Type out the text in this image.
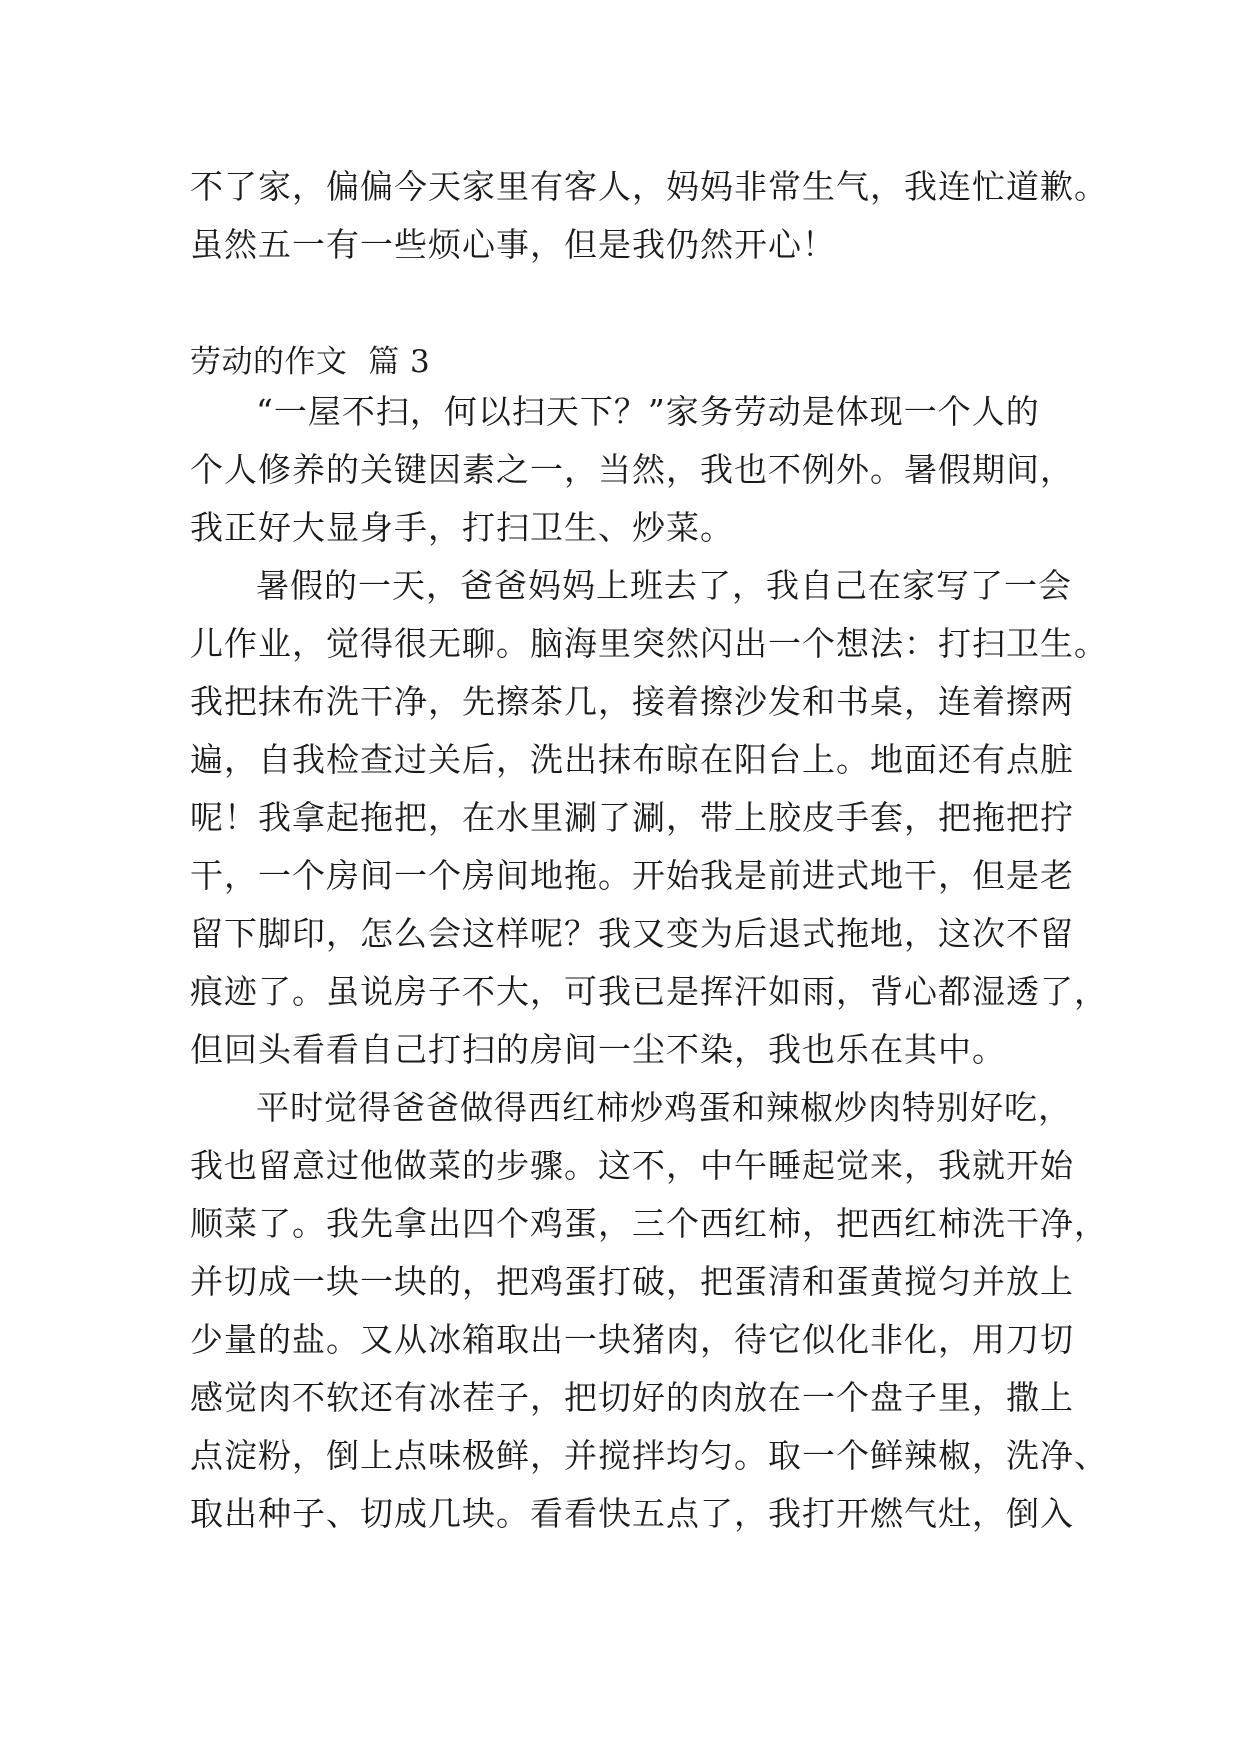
不了家，偏偏今天家里有客人，妈妈非常生气，我连忙道歉。
虽然五一有一些烦心事，但是我仍然开心！
劳动的作文  篇 3
“一屋不扫，何以扫天下？”家务劳动是体现一个人的
个人修养的关键因素之一，当然，我也不例外。暑假期间，
我正好大显身手，打扫卫生、炒菜。
暑假的一天，爸爸妈妈上班去了，我自己在家写了一会
儿作业，觉得很无聊。脑海里突然闪出一个想法：打扫卫生。
我把抹布洗干净，先擦茶几，接着擦沙发和书桌，连着擦两
遍，自我检查过关后，洗出抹布晾在阳台上。地面还有点脏
呢！我拿起拖把，在水里涮了涮，带上胶皮手套，把拖把拧
干，一个房间一个房间地拖。开始我是前进式地干，但是老
留下脚印，怎么会这样呢？我又变为后退式拖地，这次不留
痕迹了。虽说房子不大，可我已是挥汗如雨，背心都湿透了，
但回头看看自己打扫的房间一尘不染，我也乐在其中。
平时觉得爸爸做得西红柿炒鸡蛋和辣椒炒肉特别好吃，
我也留意过他做菜的步骤。这不，中午睡起觉来，我就开始
顺菜了。我先拿出四个鸡蛋，三个西红柿，把西红柿洗干净，
并切成一块一块的，把鸡蛋打破，把蛋清和蛋黄搅匀并放上
少量的盐。又从冰箱取出一块猪肉，待它似化非化，用刀切
感觉肉不软还有冰茬子，把切好的肉放在一个盘子里，撒上
点淀粉，倒上点味极鲜，并搅拌均匀。取一个鲜辣椒，洗净、
取出种子、切成几块。看看快五点了，我打开燃气灶，倒入
